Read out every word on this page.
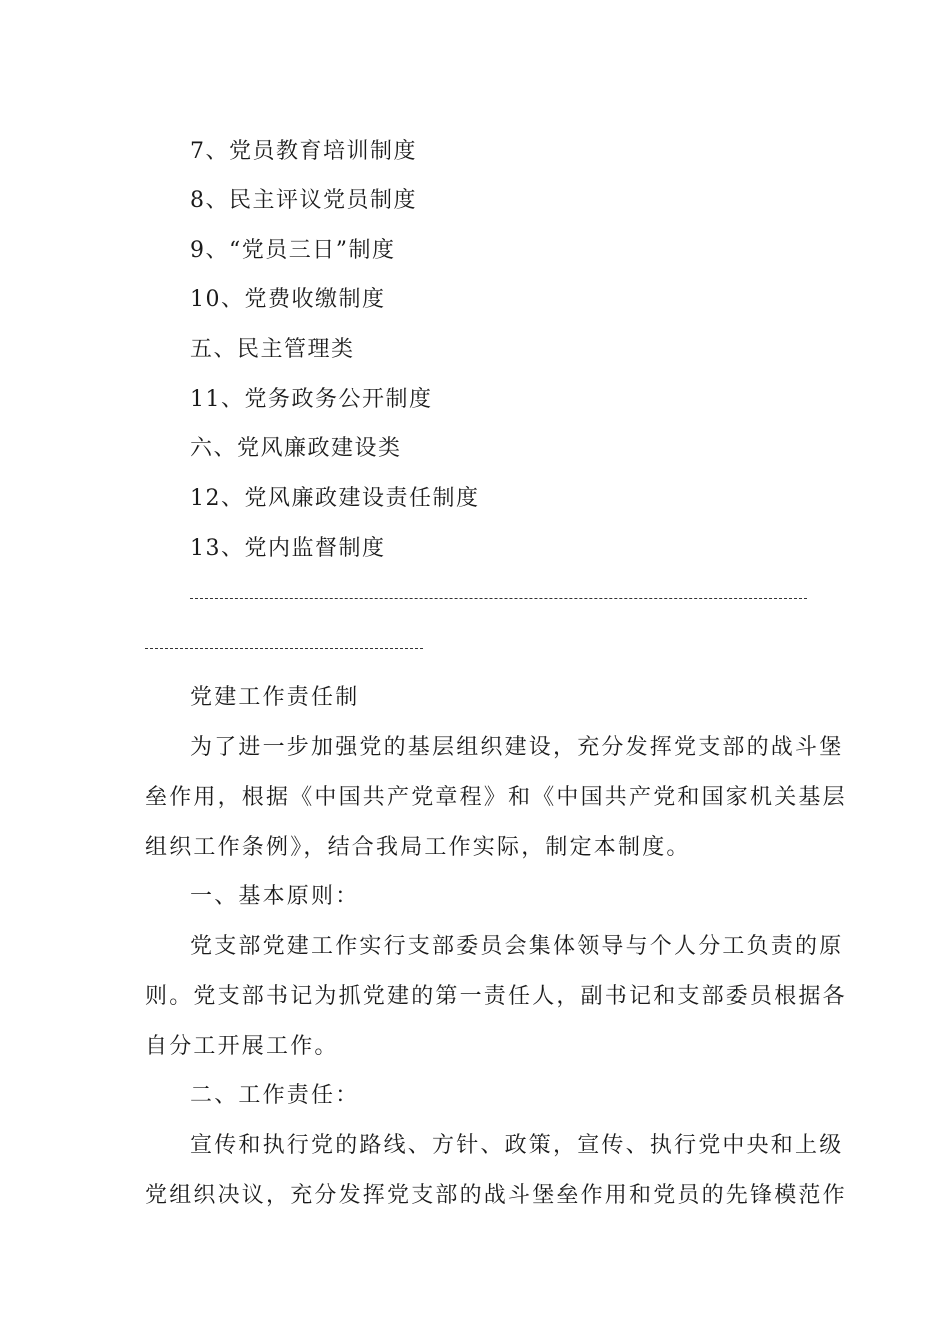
7、党员教育培训制度
8、民主评议党员制度
9、“党员三日”制度
10、党费收缴制度
五、民主管理类
11、党务政务公开制度
六、党风廉政建设类
12、党风廉政建设责任制度
13、党内监督制度
党建工作责任制
为了进一步加强党的基层组织建设，充分发挥党支部的战斗堡
垒作用，根据《中国共产党章程》和《中国共产党和国家机关基层
组织工作条例》，结合我局工作实际，制定本制度。
一、基本原则：
党支部党建工作实行支部委员会集体领导与个人分工负责的原
则。党支部书记为抓党建的第一责任人，副书记和支部委员根据各
自分工开展工作。
二、工作责任：
宣传和执行党的路线、方针、政策，宣传、执行党中央和上级
党组织决议，充分发挥党支部的战斗堡垒作用和党员的先锋模范作
